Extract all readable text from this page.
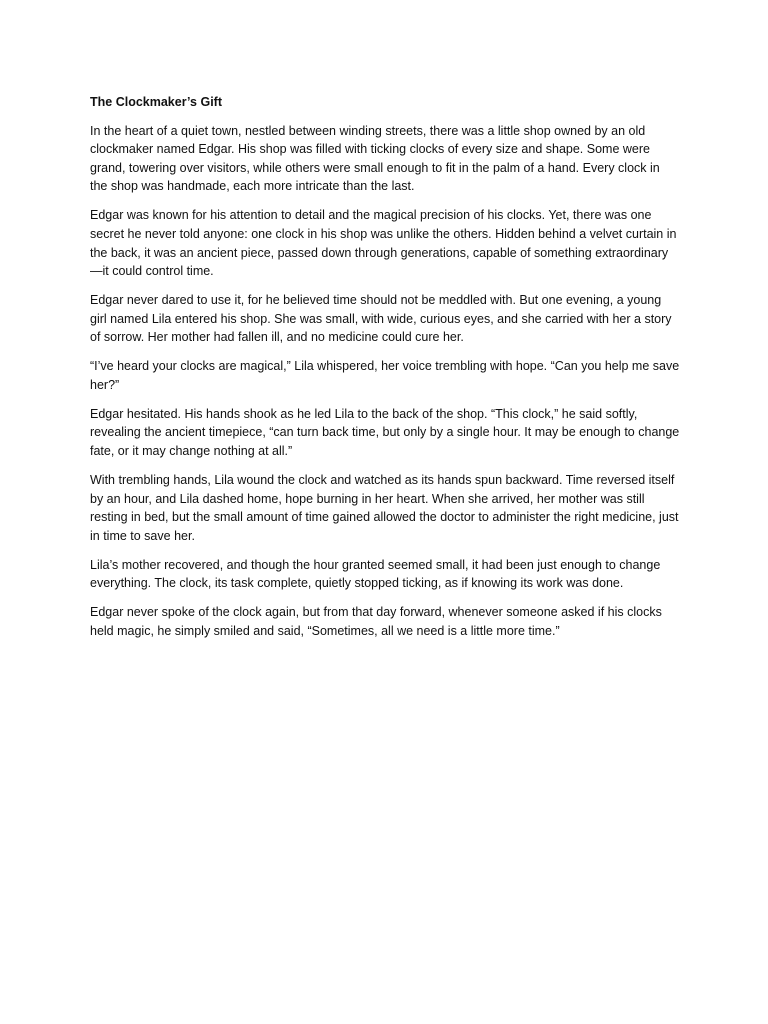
The Clockmaker’s Gift

In the heart of a quiet town, nestled between winding streets, there was a little shop owned by an old clockmaker named Edgar. His shop was filled with ticking clocks of every size and shape. Some were grand, towering over visitors, while others were small enough to fit in the palm of a hand. Every clock in the shop was handmade, each more intricate than the last.

Edgar was known for his attention to detail and the magical precision of his clocks. Yet, there was one secret he never told anyone: one clock in his shop was unlike the others. Hidden behind a velvet curtain in the back, it was an ancient piece, passed down through generations, capable of something extraordinary—it could control time.

Edgar never dared to use it, for he believed time should not be meddled with. But one evening, a young girl named Lila entered his shop. She was small, with wide, curious eyes, and she carried with her a story of sorrow. Her mother had fallen ill, and no medicine could cure her.

“I’ve heard your clocks are magical,” Lila whispered, her voice trembling with hope. “Can you help me save her?”

Edgar hesitated. His hands shook as he led Lila to the back of the shop. “This clock,” he said softly, revealing the ancient timepiece, “can turn back time, but only by a single hour. It may be enough to change fate, or it may change nothing at all.”

With trembling hands, Lila wound the clock and watched as its hands spun backward. Time reversed itself by an hour, and Lila dashed home, hope burning in her heart. When she arrived, her mother was still resting in bed, but the small amount of time gained allowed the doctor to administer the right medicine, just in time to save her.

Lila’s mother recovered, and though the hour granted seemed small, it had been just enough to change everything. The clock, its task complete, quietly stopped ticking, as if knowing its work was done.

Edgar never spoke of the clock again, but from that day forward, whenever someone asked if his clocks held magic, he simply smiled and said, “Sometimes, all we need is a little more time.”
